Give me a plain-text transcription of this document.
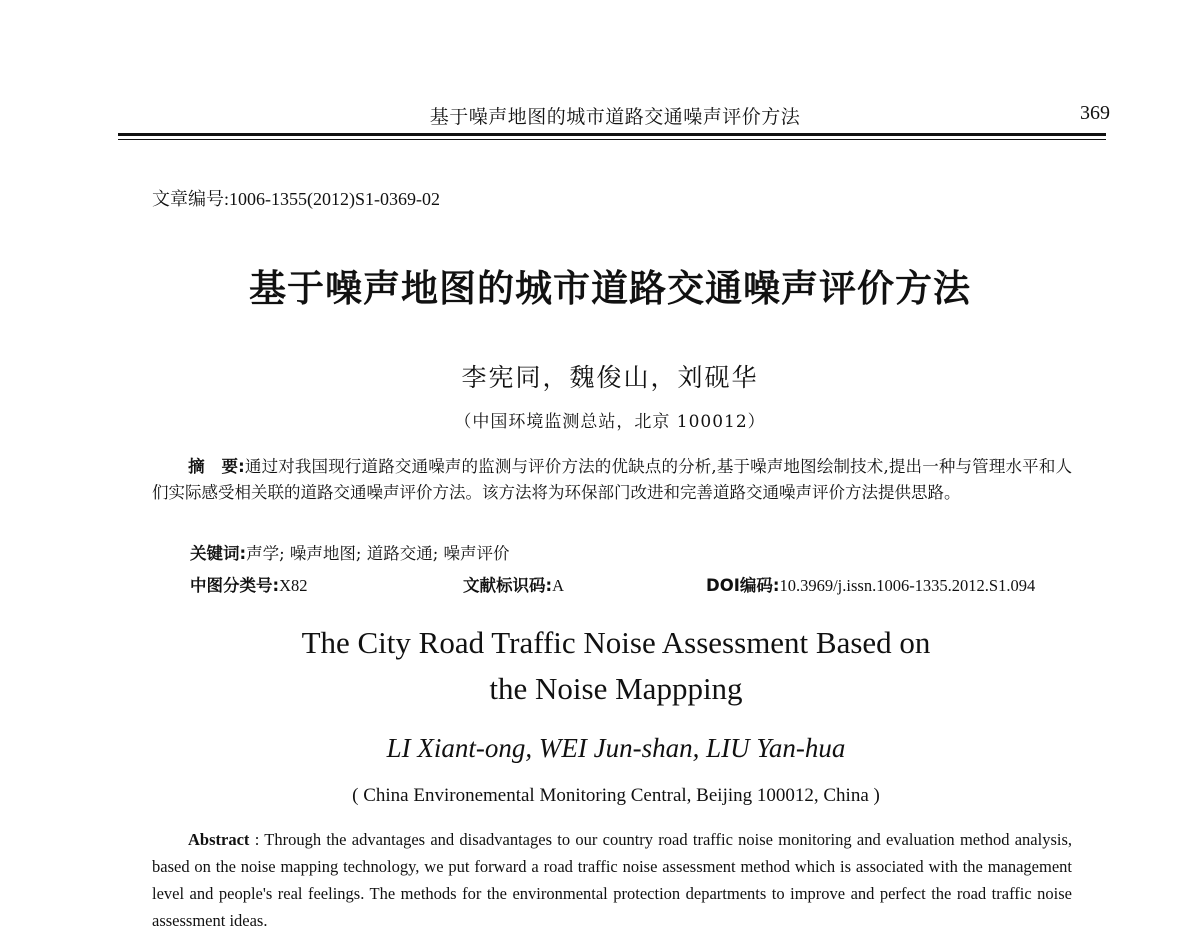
基于噪声地图的城市道路交通噪声评价方法	369
文章编号:1006-1355(2012)S1-0369-02
基于噪声地图的城市道路交通噪声评价方法
李宪同，魏俊山，刘砚华
（中国环境监测总站，北京 100012）
摘　要:通过对我国现行道路交通噪声的监测与评价方法的优缺点的分析,基于噪声地图绘制技术,提出一种与管理水平和人们实际感受相关联的道路交通噪声评价方法。该方法将为环保部门改进和完善道路交通噪声评价方法提供思路。
关键词:声学; 噪声地图; 道路交通; 噪声评价
中图分类号:X82	文献标识码:A	DOI编码:10.3969/j.issn.1006-1335.2012.S1.094
The City Road Traffic Noise Assessment Based on
the Noise Mappping
LI Xiant-ong, WEI Jun-shan, LIU Yan-hua
( China Environemental Monitoring Central, Beijing 100012, China )
Abstract : Through the advantages and disadvantages to our country road traffic noise monitoring and evaluation method analysis, based on the noise mapping technology, we put forward a road traffic noise assessment method which is associated with the management level and people's real feelings. The methods for the environmental protection departments to improve and perfect the road traffic noise assessment ideas.
